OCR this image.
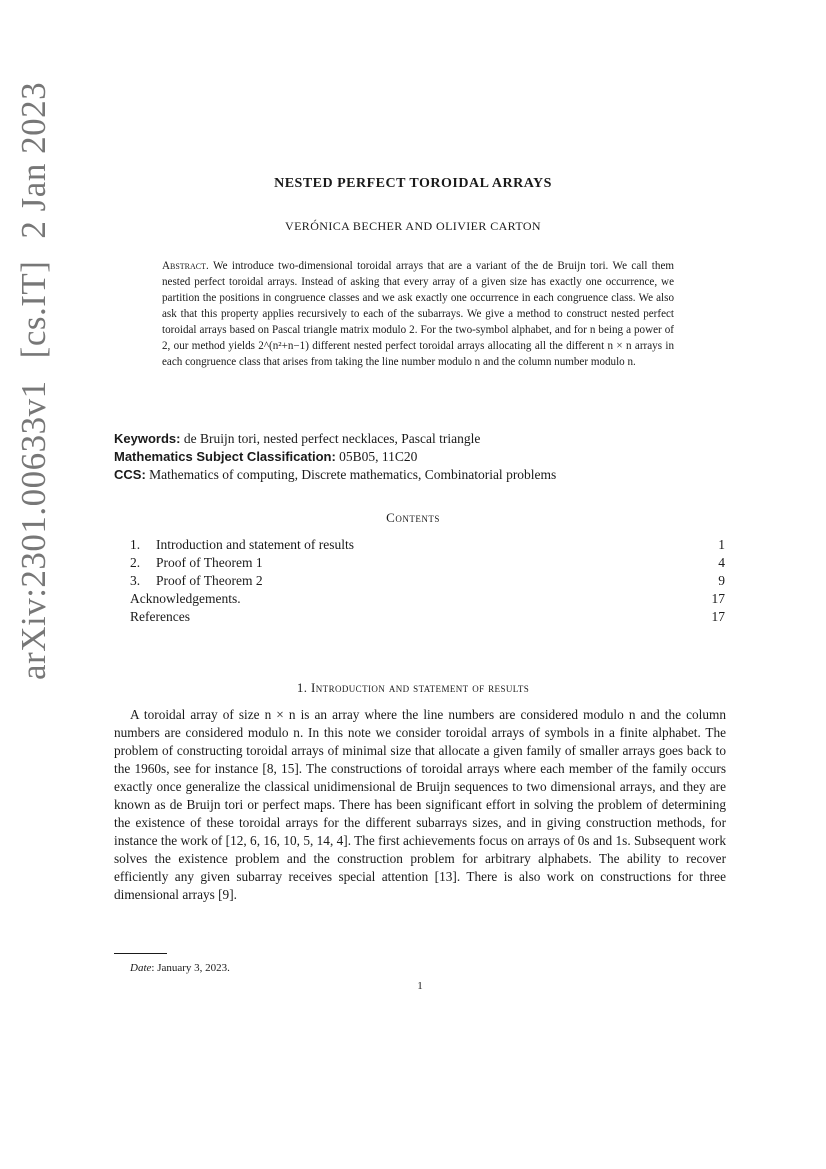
arXiv:2301.00633v1[cs.IT]2 Jan 2023	NESTED PERFECT TOROIDAL ARRAYS
VERÓNICA BECHER AND OLIVIER CARTON
Abstract. We introduce two-dimensional toroidal arrays that are a variant of the de Bruijn tori. We call them nested perfect toroidal arrays. Instead of asking that every array of a given size has exactly one occurrence, we partition the positions in congruence classes and we ask exactly one occurrence in each congruence class. We also ask that this property applies recursively to each of the subarrays. We give a method to construct nested perfect toroidal arrays based on Pascal triangle matrix modulo 2. For the two-symbol alphabet, and for n being a power of 2, our method yields 2^(n²+n−1) different nested perfect toroidal arrays allocating all the different n × n arrays in each congruence class that arises from taking the line number modulo n and the column number modulo n.
Keywords: de Bruijn tori, nested perfect necklaces, Pascal triangle
Mathematics Subject Classification: 05B05, 11C20
CCS: Mathematics of computing, Discrete mathematics, Combinatorial problems
Contents
1. Introduction and statement of results	1
2. Proof of Theorem 1	4
3. Proof of Theorem 2	9
Acknowledgements.	17
References	17
1. Introduction and statement of results

A toroidal array of size n × n is an array where the line numbers are considered modulo n and the column numbers are considered modulo n. In this note we consider toroidal arrays of symbols in a finite alphabet. The problem of constructing toroidal arrays of minimal size that allocate a given family of smaller arrays goes back to the 1960s, see for instance [8, 15]. The constructions of toroidal arrays where each member of the family occurs exactly once generalize the classical unidimensional de Bruijn sequences to two dimensional arrays, and they are known as de Bruijn tori or perfect maps. There has been significant effort in solving the problem of determining the existence of these toroidal arrays for the different subarrays sizes, and in giving construction methods, for instance the work of [12, 6, 16, 10, 5, 14, 4]. The first achievements focus on arrays of 0s and 1s. Subsequent work solves the existence problem and the construction problem for arbitrary alphabets. The ability to recover efficiently any given subarray receives special attention [13]. There is also work on constructions for three dimensional arrays [9].

Date: January 3, 2023.
1
